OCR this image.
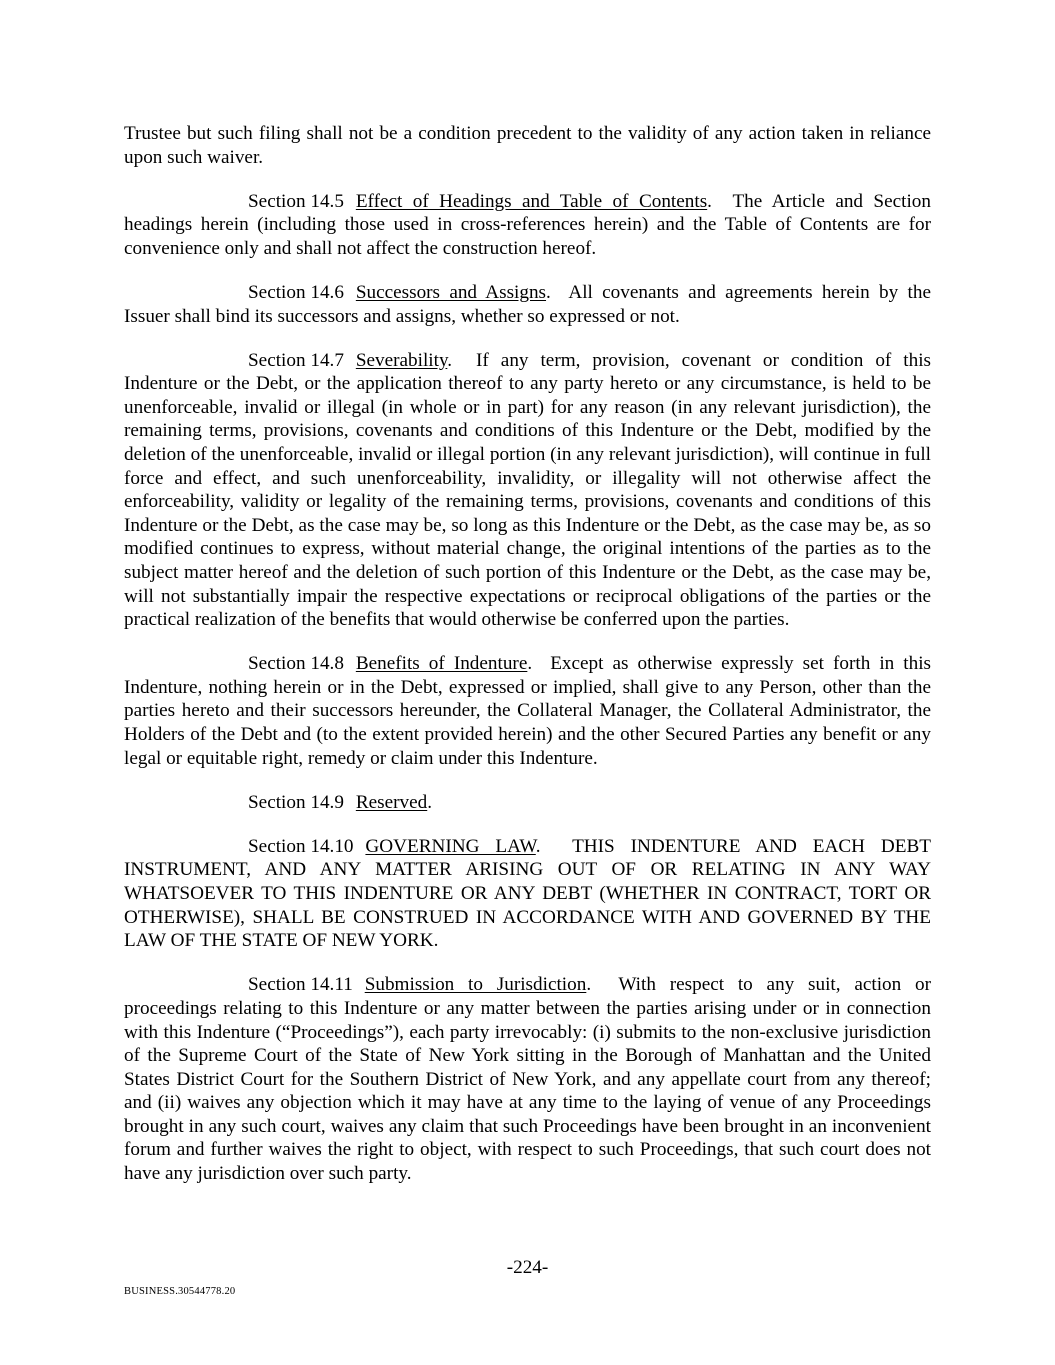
Trustee but such filing shall not be a condition precedent to the validity of any action taken in reliance upon such waiver.

Section 14.5 Effect of Headings and Table of Contents. The Article and Section headings herein (including those used in cross-references herein) and the Table of Contents are for convenience only and shall not affect the construction hereof.

Section 14.6 Successors and Assigns. All covenants and agreements herein by the Issuer shall bind its successors and assigns, whether so expressed or not.

Section 14.7 Severability. If any term, provision, covenant or condition of this Indenture or the Debt, or the application thereof to any party hereto or any circumstance, is held to be unenforceable, invalid or illegal (in whole or in part) for any reason (in any relevant jurisdiction), the remaining terms, provisions, covenants and conditions of this Indenture or the Debt, modified by the deletion of the unenforceable, invalid or illegal portion (in any relevant jurisdiction), will continue in full force and effect, and such unenforceability, invalidity, or illegality will not otherwise affect the enforceability, validity or legality of the remaining terms, provisions, covenants and conditions of this Indenture or the Debt, as the case may be, so long as this Indenture or the Debt, as the case may be, as so modified continues to express, without material change, the original intentions of the parties as to the subject matter hereof and the deletion of such portion of this Indenture or the Debt, as the case may be, will not substantially impair the respective expectations or reciprocal obligations of the parties or the practical realization of the benefits that would otherwise be conferred upon the parties.

Section 14.8 Benefits of Indenture. Except as otherwise expressly set forth in this Indenture, nothing herein or in the Debt, expressed or implied, shall give to any Person, other than the parties hereto and their successors hereunder, the Collateral Manager, the Collateral Administrator, the Holders of the Debt and (to the extent provided herein) and the other Secured Parties any benefit or any legal or equitable right, remedy or claim under this Indenture.

Section 14.9 Reserved.

Section 14.10 GOVERNING LAW. THIS INDENTURE AND EACH DEBT INSTRUMENT, AND ANY MATTER ARISING OUT OF OR RELATING IN ANY WAY WHATSOEVER TO THIS INDENTURE OR ANY DEBT (WHETHER IN CONTRACT, TORT OR OTHERWISE), SHALL BE CONSTRUED IN ACCORDANCE WITH AND GOVERNED BY THE LAW OF THE STATE OF NEW YORK.

Section 14.11 Submission to Jurisdiction. With respect to any suit, action or proceedings relating to this Indenture or any matter between the parties arising under or in connection with this Indenture (“Proceedings”), each party irrevocably: (i) submits to the non-exclusive jurisdiction of the Supreme Court of the State of New York sitting in the Borough of Manhattan and the United States District Court for the Southern District of New York, and any appellate court from any thereof; and (ii) waives any objection which it may have at any time to the laying of venue of any Proceedings brought in any such court, waives any claim that such Proceedings have been brought in an inconvenient forum and further waives the right to object, with respect to such Proceedings, that such court does not have any jurisdiction over such party.

-224-
BUSINESS.30544778.20
